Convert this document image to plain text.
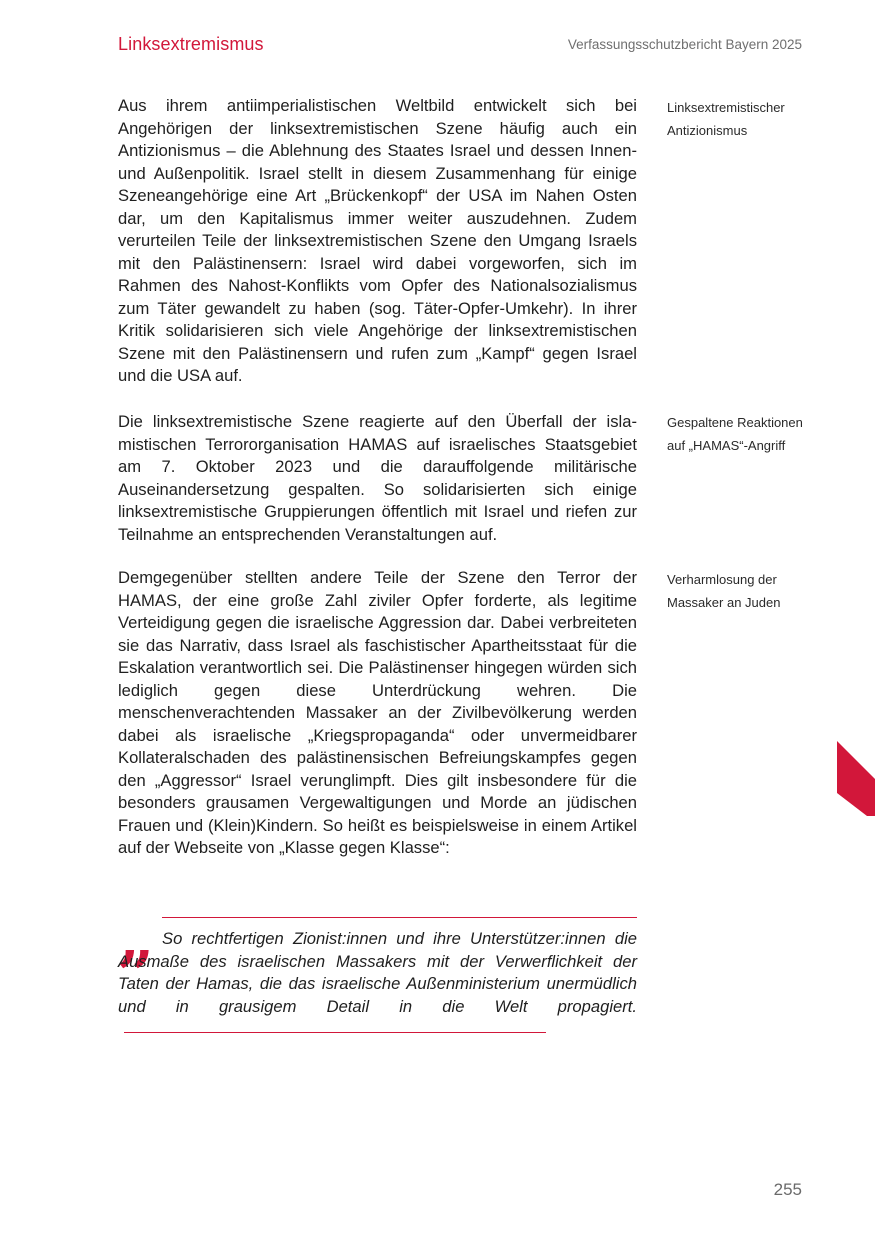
Linksextremismus	Verfassungsschutzbericht Bayern 2025

Aus ihrem antiimperialistischen Weltbild entwickelt sich bei Angehörigen der linksextremistischen Szene häufig auch ein Antizionismus – die Ablehnung des Staates Israel und dessen Innen- und Außenpolitik. Israel stellt in diesem Zusammenhang für einige Szeneangehörige eine Art „Brückenkopf“ der USA im Nahen Osten dar, um den Kapitalismus immer weiter auszudehnen. Zudem verurteilen Teile der linksextremistischen Szene den Umgang Israels mit den Palästinensern: Israel wird dabei vorgeworfen, sich im Rahmen des Nahost-Konflikts vom Opfer des Nationalsozialismus zum Täter gewandelt zu haben (sog. Täter-Opfer-Umkehr). In ihrer Kritik solidarisieren sich viele Angehörige der linksextremistischen Szene mit den Palästinensern und rufen zum „Kampf“ gegen Israel und die USA auf.

Linksextremistischer Antizionismus

Die linksextremistische Szene reagierte auf den Überfall der islamistischen Terrororganisation HAMAS auf israelisches Staatsgebiet am 7. Oktober 2023 und die darauffolgende militärische Auseinandersetzung gespalten. So solidarisierten sich einige linksextremistische Gruppierungen öffentlich mit Israel und riefen zur Teilnahme an entsprechenden Veranstaltungen auf.

Gespaltene Reaktionen auf „HAMAS“-Angriff

Demgegenüber stellten andere Teile der Szene den Terror der HAMAS, der eine große Zahl ziviler Opfer forderte, als legitime Verteidigung gegen die israelische Aggression dar. Dabei verbreiteten sie das Narrativ, dass Israel als faschistischer Apartheitsstaat für die Eskalation verantwortlich sei. Die Palästinenser hingegen würden sich lediglich gegen diese Unterdrückung wehren. Die menschenverachtenden Massaker an der Zivilbevölkerung werden dabei als israelische „Kriegspropaganda“ oder unvermeidbarer Kollateralschaden des palästinensischen Befreiungskampfes gegen den „Aggressor“ Israel verunglimpft. Dies gilt insbesondere für die besonders grausamen Vergewaltigungen und Morde an jüdischen Frauen und (Klein)Kindern. So heißt es beispielsweise in einem Artikel auf der Webseite von „Klasse gegen Klasse“:

Verharmlosung der Massaker an Juden
„ So rechtfertigen Zionist:innen und ihre Unterstützer:innen die Ausmaße des israelischen Massakers mit der Verwerflichkeit der Taten der Hamas, die das israelische Außenministerium unermüdlich und in grausigem Detail in die Welt propagiert.

255
